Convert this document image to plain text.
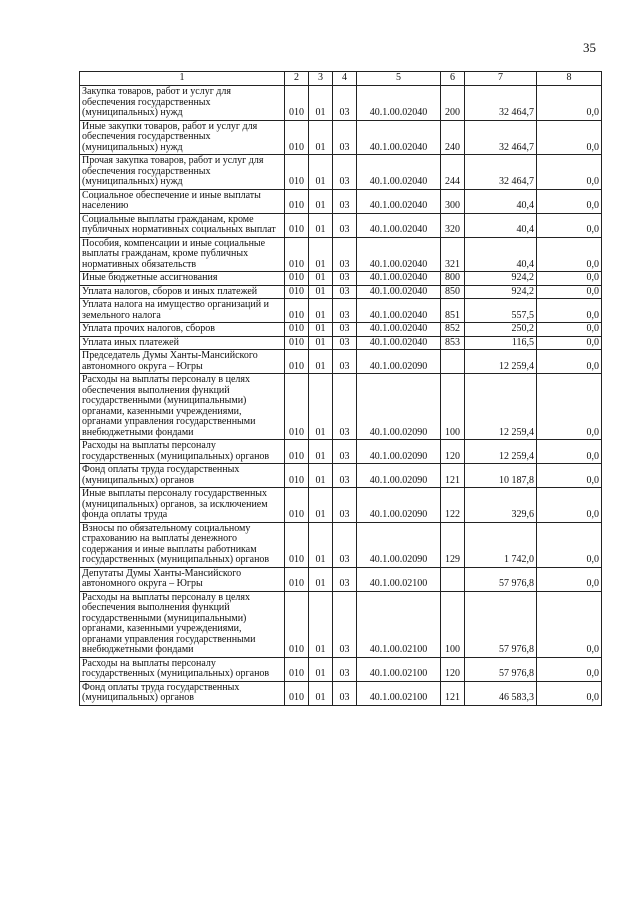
35
1	2	3	4	5	6	7	8
Закупка товаров, работ и услуг для обеспечения государственных (муниципальных) нужд	010	01	03	40.1.00.02040	200	32 464,7	0,0
Иные закупки товаров, работ и услуг для обеспечения государственных (муниципальных) нужд	010	01	03	40.1.00.02040	240	32 464,7	0,0
Прочая закупка товаров, работ и услуг для обеспечения государственных (муниципальных) нужд	010	01	03	40.1.00.02040	244	32 464,7	0,0
Социальное обеспечение и иные выплаты населению	010	01	03	40.1.00.02040	300	40,4	0,0
Социальные выплаты гражданам, кроме публичных нормативных социальных выплат	010	01	03	40.1.00.02040	320	40,4	0,0
Пособия, компенсации и иные социальные выплаты гражданам, кроме публичных нормативных обязательств	010	01	03	40.1.00.02040	321	40,4	0,0
Иные бюджетные ассигнования	010	01	03	40.1.00.02040	800	924,2	0,0
Уплата налогов, сборов и иных платежей	010	01	03	40.1.00.02040	850	924,2	0,0
Уплата налога на имущество организаций и земельного налога	010	01	03	40.1.00.02040	851	557,5	0,0
Уплата прочих налогов, сборов	010	01	03	40.1.00.02040	852	250,2	0,0
Уплата иных платежей	010	01	03	40.1.00.02040	853	116,5	0,0
Председатель Думы Ханты-Мансийского автономного округа – Югры	010	01	03	40.1.00.02090		12 259,4	0,0
Расходы на выплаты персоналу в целях обеспечения выполнения функций государственными (муниципальными) органами, казенными учреждениями, органами управления государственными внебюджетными фондами	010	01	03	40.1.00.02090	100	12 259,4	0,0
Расходы на выплаты персоналу государственных (муниципальных) органов	010	01	03	40.1.00.02090	120	12 259,4	0,0
Фонд оплаты труда государственных (муниципальных) органов	010	01	03	40.1.00.02090	121	10 187,8	0,0
Иные выплаты персоналу государственных (муниципальных) органов, за исключением фонда оплаты труда	010	01	03	40.1.00.02090	122	329,6	0,0
Взносы по обязательному социальному страхованию на выплаты денежного содержания и иные выплаты работникам государственных (муниципальных) органов	010	01	03	40.1.00.02090	129	1 742,0	0,0
Депутаты Думы Ханты-Мансийского автономного округа – Югры	010	01	03	40.1.00.02100		57 976,8	0,0
Расходы на выплаты персоналу в целях обеспечения выполнения функций государственными (муниципальными) органами, казенными учреждениями, органами управления государственными внебюджетными фондами	010	01	03	40.1.00.02100	100	57 976,8	0,0
Расходы на выплаты персоналу государственных (муниципальных) органов	010	01	03	40.1.00.02100	120	57 976,8	0,0
Фонд оплаты труда государственных (муниципальных) органов	010	01	03	40.1.00.02100	121	46 583,3	0,0
